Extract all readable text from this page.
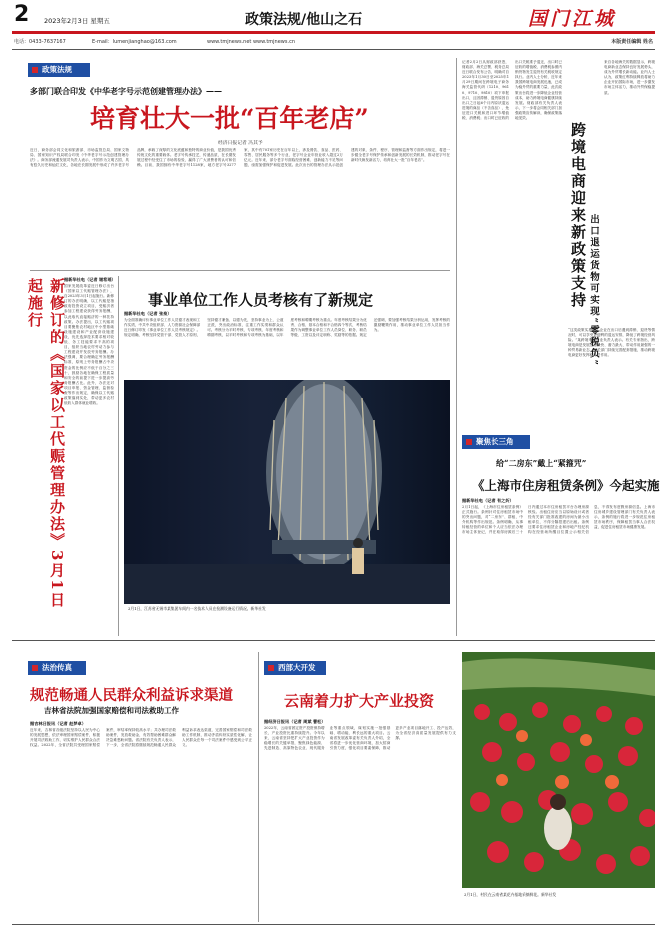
2 2023年2月3日 星期五	政策法规/他山之石	国门江城
电话：0433-7637167	E-mail：lumenjianghao@163.com	www.tmjnews.net www.tmjnews.cn	本版责任编辑 姓名
政策法规
多部门联合印发《中华老字号示范创建管理办法》——
培育壮大一批“百年老店”
经济日报记者 冯其予
近日，商务部会同文化和旅游部、市场监管总局、国家文物局、国家知识产权局联合印发《中华老字号示范创建管理办法》。商务部流通发展司负责人表示，中国作为文明古国，具有悠久历史和灿烂文化，各地在长期发展中形成了许多老字号品牌，承载了深厚的文化底蕴和独特的商业价值，是我国优秀传统文化的重要载体。老字号传承技艺，传递品质，在长期发展过程中经受住了市场的检验，赢得了广大消费者的认可和信赖。目前，我国拥有中华老字号1128家，地方老字号3277家，其中有701家历史在百年以上，涉及餐饮、食品、医药、零售、居民服务等多个行业，老字号企业年营业收入超过2万亿元。近年来，部分老字号面临经营困难、创新能力不足等问题，亟需加强保护和促进发展。此次出台的管理办法从示范创建的对象、条件、程序、管理和监督等方面作出规定，将进一步健全老字号保护传承和创新发展的长效机制，推动老字号在新时代焕发新活力，培育壮大一批“百年老店”。
新修订的《国家以工代赈管理办法》3月1日起施行	据新华社电（记者 谢希瑶）
国家发展改革委近日修订出台《国家以工代赈管理办法》，自2023年3月1日起施行。新修订的办法明确，以工代赈是指政府投资设立项目，受赈济者参加工程建设获得劳务报酬，以此取代直接赈济的一种扶持政策。办法提出，以工代赈项目要聚焦农村地区中小型基础设施建设和产业配套设施建设，优先选择技术要求相对较低、务工技能要求不高的项目，组织当地农村劳动力参与工程建设并发放劳务报酬。办法强调，要合理确定劳务报酬标准，原则上劳务报酬占中央资金的比例应不低于百分之三十，鼓励各地在确保工程质量和安全的前提下进一步提高劳务报酬占比。此外，办法还对项目申报、资金管理、监督检查等作出规定，确保以工代赈政策落到实处，带动更多农村低收入群体就业增收。
事业单位工作人员考核有了新规定
据新华社电（记者 张泉）
为全面准确评价事业单位工作人员德才表现和工作实绩，中共中央组织部、人力资源社会保障部近日修订印发《事业单位工作人员考核规定》。规定明确，考核坚持党管干部、党管人才原则，坚持德才兼备、以德为先，坚持事业为上、公道正派，突出政治标准，注重工作实绩和群众认可。考核分为平时考核、专项考核、年度考核和聘期考核，以平时考核和专项考核为基础，以年度考核和聘期考核为重点。年度考核结果分为优秀、合格、基本合格和不合格四个等次，考核结果作为调整事业单位工作人员岗位、职务、职员等级、工资以及评定职称、奖励等的依据。规定还强调，要加强考核结果分析运用，发挥考核的激励鞭策作用，推动事业单位工作人员担当作为。
2月1日，江苏省无锡市某集团车间内一名技术人员在检测设备运行情况。新华社发
记者2月2日从财政部获悉，财政部、海关总署、税务总局近日联合发布公告，明确对自2023年1月30日至2025年1月29日期间在跨境电子商务海关监管代码（1210、9610、9710、9810）项下申报出口，且因滞销、退货原因自出口之日起6个月内原状退运进境的商品（不含食品），免征进口关税和进口环节增值税、消费税；出口时已征收的出口关税准予退还，出口时已征收的增值税、消费税参照内销货物发生退货有关税收规定执行。业内人士分析，近年来我国跨境电商发展迅速，已成为稳外贸的重要力量，此次政策出台将进一步降低企业经营成本，助力跨境电商健康持续发展。财政部有关负责人表示，下一步将会同相关部门加强政策宣传解读，确保政策落地见效。
跨境电商迎来新政策支持 出口退运货物可实现“零税负”
来自各地海关的数据显示，跨境电商新业态保持良好发展势头，成为外贸增长新动能。业内人士认为，政策红利持续释放将助力企业开拓国际市场，进一步激发市场主体活力，推动外贸保稳提质。
“这类政策实施后，企业在出口后遇到滞销、退货等情况时，可以享受更便利的退运安排，降低了跨境经营风险。”某跨境电商企业负责人表示。有关专家指出，跨境电商是发展速度最快、潜力最大、带动作用最强的一种贸易新业态，相关部门持续完善配套措施，推动跨境电商更好发挥稳外贸作用。
聚焦长三角
给“二房东”戴上“紧箍咒”
《上海市住房租赁条例》今起实施
据新华社电（记者 有之炘）
2月1日起，《上海市住房租赁条例》正式施行。条例针对住房租赁市场中的突出问题，对“二房东”、群租、中介机构等作出规范。条例明确，从事转租经营的单位和个人应当依法办理市场主体登记，并在取得房源后三十日内通过本市住房租赁平台办理房源核验。出租住房应当以原始设计或者经有关部门批准改建的房间为最小出租单位，不得分隔搭建后出租。条例还要求住房租赁企业和房地产经纪机构在经营场所醒目位置公示相关信息，不得发布虚假房源信息。上海市住房城乡建设管理部门有关负责人表示，条例的施行将进一步规范住房租赁市场秩序，保障租赁当事人合法权益，促进住房租赁市场健康发展。
法治传真
规范畅通人民群众利益诉求渠道
吉林省法院加强国家赔偿和司法救助工作
据吉林日报讯（记者 赵梦卓）
近年来，吉林省各级法院坚持以人民为中心的发展思想，依法审理国家赔偿案件，积极开展司法救助工作，切实维护人民群众合法权益。2022年，全省法院共受理国家赔偿案件，审结率保持较高水平；共办理司法救助案件，发放救助金，有效帮助困难群众解决急难愁盼问题。省法院有关负责人表示，下一步，全省法院将继续规范畅通人民群众利益诉求表达渠道，完善国家赔偿和司法救助工作机制，推动矛盾纠纷实质性化解，让人民群众在每一个司法案件中感受到公平正义。
西部大开发
云南着力扩大产业投资
据经济日报讯（记者 周斌 曹松）
2022年，云南省固定资产投资保持增长，产业投资比重持续提升。今年以来，云南省坚持把扩大产业投资作为稳增长的关键举措，聚焦绿色能源、先进制造、高原特色农业、现代服务业等重点领域，谋划实施一批强基础、增动能、利长远的重大项目。云南省发展改革委有关负责人介绍，全省将进一步优化营商环境，加大招商引资力度，强化项目要素保障，推动更多产业项目落地开工、投产达效，为全省经济高质量发展提供有力支撑。
2月1日，村民在云南省某花卉基地采摘鲜花。新华社发
